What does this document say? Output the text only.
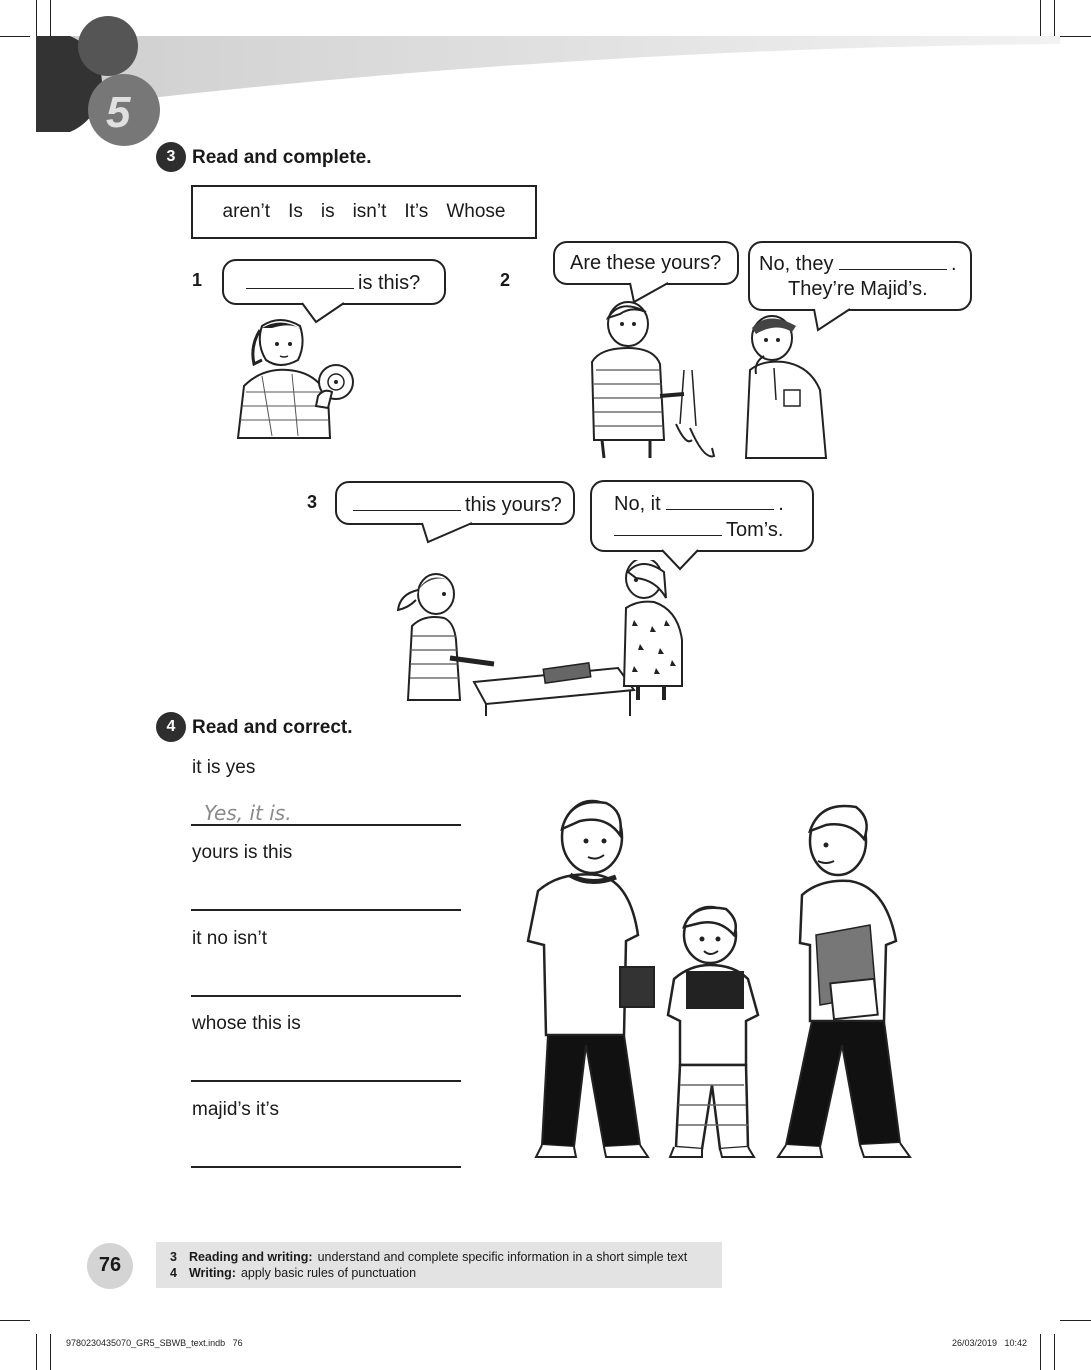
5
3 Read and complete.
aren’t Is is isn’t It’s Whose
1	is this?	2
Are these yours?	No, they	.
They’re Majid’s.
3	this yours?	No, it	.
Tom’s.
4 Read and correct.
it is yes
Yes, it is.
yours is this
it no isn’t
whose this is
majid’s it’s
76	3 Reading and writing: understand and complete specific information in a short simple text
4 Writing: apply basic rules of punctuation
9780230435070_GR5_SBWB_text.indb   76	26/03/2019   10:42
